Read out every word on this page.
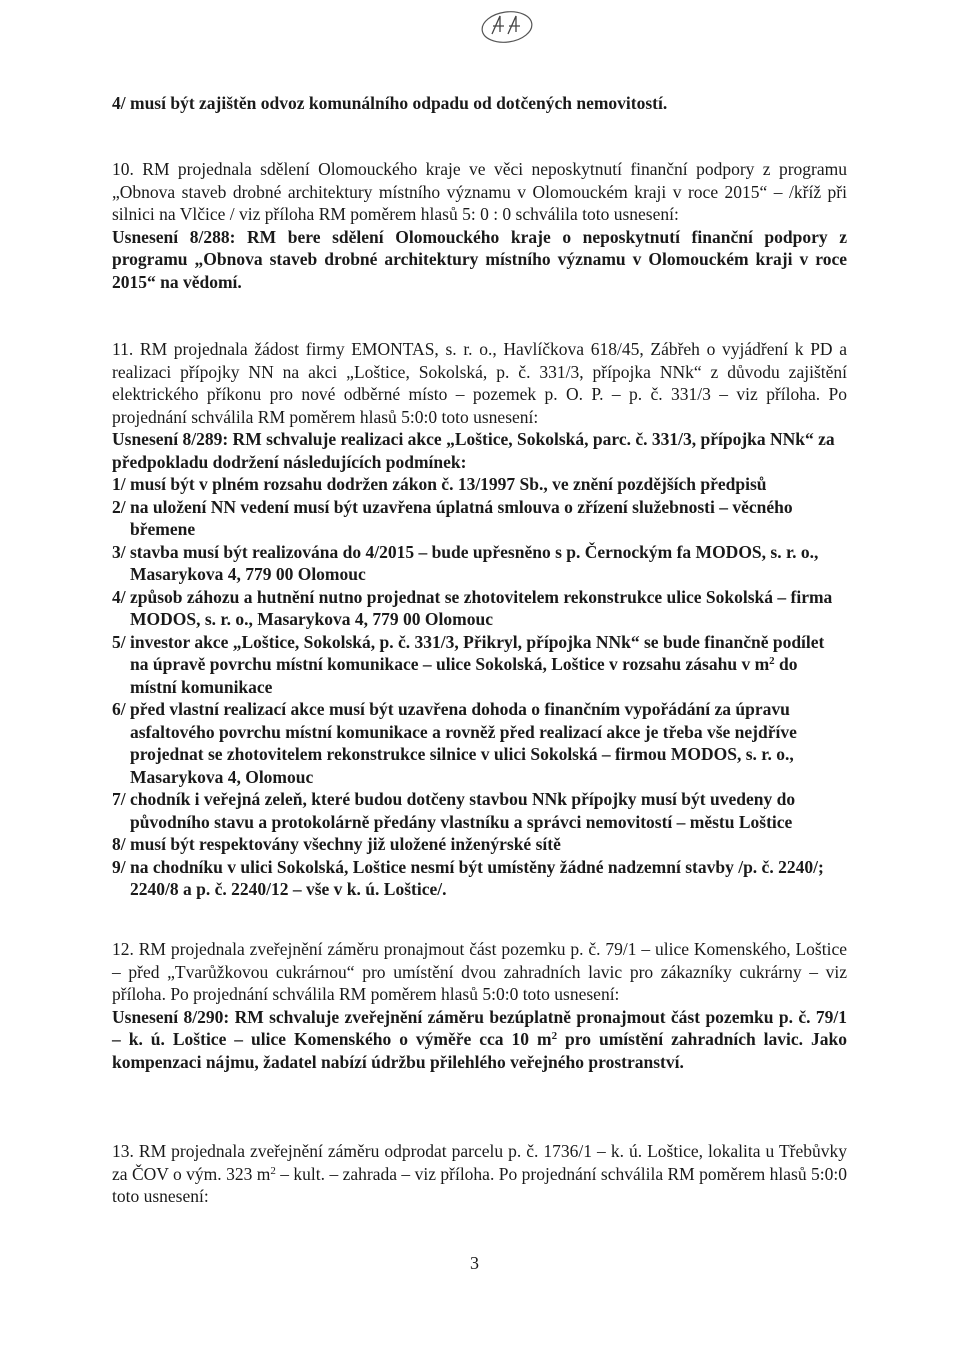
4/ musí být zajištěn odvoz komunálního odpadu od dotčených nemovitostí.
10. RM projednala sdělení Olomouckého kraje ve věci neposkytnutí finanční podpory z programu „Obnova staveb drobné architektury místního významu v Olomouckém kraji v roce 2015“ – /kříž při silnici na Vlčice / viz příloha RM poměrem hlasů 5: 0 : 0 schválila toto usnesení:
Usnesení 8/288: RM bere sdělení Olomouckého kraje o neposkytnutí finanční podpory z programu „Obnova staveb drobné architektury místního významu v Olomouckém kraji v roce 2015“ na vědomí.
11. RM projednala žádost firmy EMONTAS, s. r. o., Havlíčkova 618/45, Zábřeh o vyjádření k PD a realizaci přípojky NN na akci „Loštice, Sokolská, p. č. 331/3, přípojka NNk“ z důvodu zajištění elektrického příkonu pro nové odběrné místo – pozemek p. O. P. – p. č. 331/3 – viz příloha. Po projednání schválila RM poměrem hlasů 5:0:0 toto usnesení:
Usnesení 8/289: RM schvaluje realizaci akce „Loštice, Sokolská, parc. č. 331/3, přípojka NNk“ za předpokladu dodržení následujících podmínek:
1/ musí být v plném rozsahu dodržen zákon č. 13/1997 Sb., ve znění pozdějších předpisů
2/ na uložení NN vedení musí být uzavřena úplatná smlouva o zřízení služebnosti – věcného břemene
3/ stavba musí být realizována do 4/2015 – bude upřesněno s p. Černockým fa MODOS, s. r. o., Masarykova 4, 779 00 Olomouc
4/ způsob záhozu a hutnění nutno projednat se zhotovitelem rekonstrukce ulice Sokolská – firma MODOS, s. r. o., Masarykova 4, 779 00 Olomouc
5/ investor akce „Loštice, Sokolská, p. č. 331/3, Přikryl, přípojka NNk“ se bude finančně podílet na úpravě povrchu místní komunikace – ulice Sokolská, Loštice v rozsahu zásahu v $m^2$ do místní komunikace
6/ před vlastní realizací akce musí být uzavřena dohoda o finančním vypořádání za úpravu asfaltového povrchu místní komunikace a rovněž před realizací akce je třeba vše nejdříve projednat se zhotovitelem rekonstrukce silnice v ulici Sokolská – firmou MODOS, s. r. o., Masarykova 4, Olomouc
7/ chodník i veřejná zeleň, které budou dotčeny stavbou NNk přípojky musí být uvedeny do původního stavu a protokolárně předány vlastníku a správci nemovitostí – městu Loštice
8/ musí být respektovány všechny již uložené inženýrské sítě
9/ na chodníku v ulici Sokolská, Loštice nesmí být umístěny žádné nadzemní stavby /p. č. 2240/; 2240/8 a p. č. 2240/12 – vše v k. ú. Loštice/.
12. RM projednala zveřejnění záměru pronajmout část pozemku p. č. 79/1 – ulice Komenského, Loštice – před „Tvarůžkovou cukrárnou“ pro umístění dvou zahradních lavic pro zákazníky cukrárny – viz příloha. Po projednání schválila RM poměrem hlasů 5:0:0 toto usnesení:
Usnesení 8/290: RM schvaluje zveřejnění záměru bezúplatně pronajmout část pozemku p. č. 79/1 – k. ú. Loštice – ulice Komenského o výměře cca 10 $m^2$ pro umístění zahradních lavic. Jako kompenzaci nájmu, žadatel nabízí údržbu přilehlého veřejného prostranství.
13. RM projednala zveřejnění záměru odprodat parcelu p. č. 1736/1 – k. ú. Loštice, lokalita u Třebůvky za ČOV o vým. 323 $m^2$ – kult. – zahrada – viz příloha. Po projednání schválila RM poměrem hlasů 5:0:0 toto usnesení:
3
